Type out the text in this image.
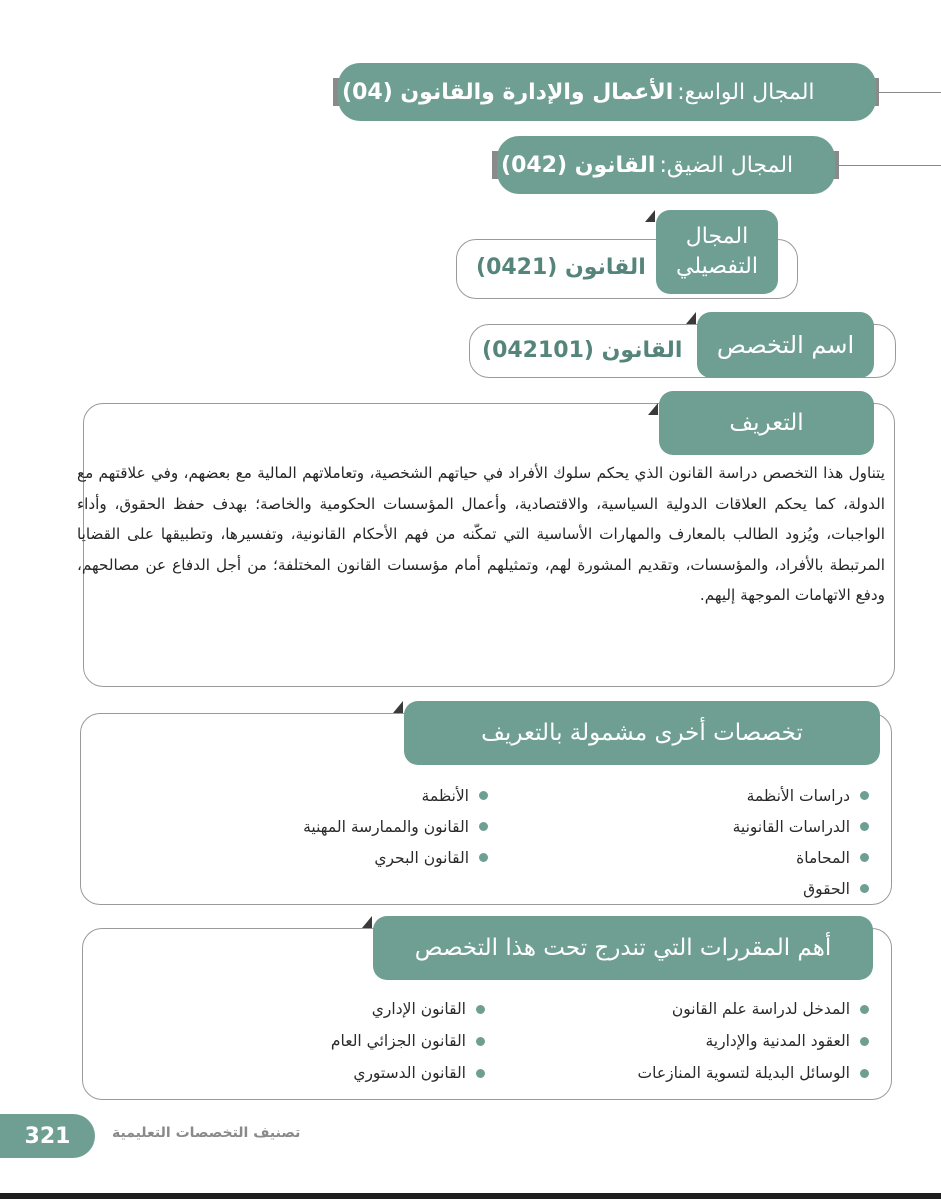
المجال الواسع:
الأعمال والإدارة والقانون (04)
المجال الضيق:
القانون (042)
القانون (0421)
المجال التفصيلي
القانون (042101)	اسم التخصص
التعريف
يتناول هذا التخصص دراسة القانون الذي يحكم سلوك الأفراد في حياتهم الشخصية، وتعاملاتهم المالية مع بعضهم، وفي علاقتهم مع الدولة، كما يحكم العلاقات الدولية السياسية، والاقتصادية، وأعمال المؤسسات الحكومية والخاصة؛ بهدف حفظ الحقوق، وأداء الواجبات، ويُزود الطالب بالمعارف والمهارات الأساسية التي تمكّنه من فهم الأحكام القانونية، وتفسيرها، وتطبيقها على القضايا المرتبطة بالأفراد، والمؤسسات، وتقديم المشورة لهم، وتمثيلهم أمام مؤسسات القانون المختلفة؛ من أجل الدفاع عن مصالحهم، ودفع الاتهامات الموجهة إليهم.
تخصصات أخرى مشمولة بالتعريف
دراسات الأنظمة
الدراسات القانونية
المحاماة
الحقوق
الأنظمة
القانون والممارسة المهنية
القانون البحري
أهم المقررات التي تندرج تحت هذا التخصص
المدخل لدراسة علم القانون
العقود المدنية والإدارية
الوسائل البديلة لتسوية المنازعات
القانون الإداري
القانون الجزائي العام
القانون الدستوري
321	تصنيف التخصصات التعليمية
